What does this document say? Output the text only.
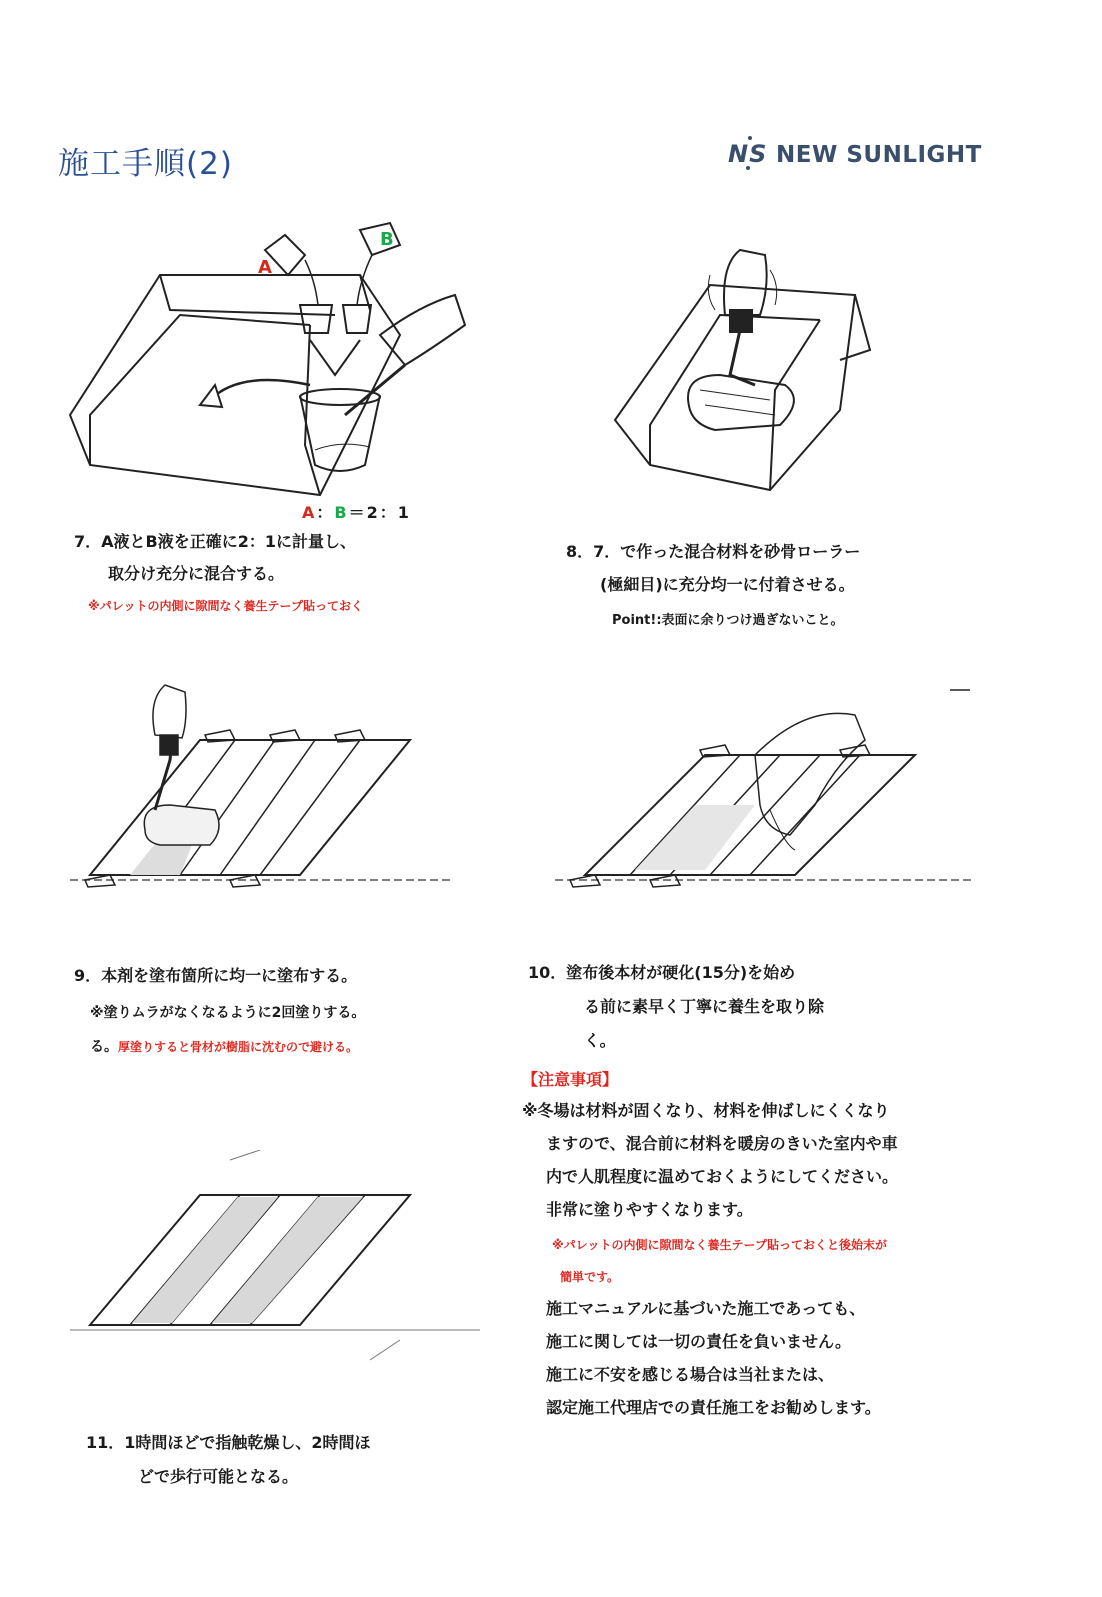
施工手順(2)	NS NEW SUNLIGHT
A
B
A：B＝2：1
7．A液とB液を正確に2：1に計量し、
取分け充分に混合する。
※パレットの内側に隙間なく養生テープ貼っておく
8．7．で作った混合材料を砂骨ローラー
(極細目)に充分均一に付着させる。
Point!:表面に余りつけ過ぎないこと。
9．本剤を塗布箇所に均一に塗布する。
※塗りムラがなくなるように2回塗りする。
る。厚塗りすると骨材が樹脂に沈むので避ける。
10．塗布後本材が硬化(15分)を始め
る前に素早く丁寧に養生を取り除
く。
【注意事項】
※冬場は材料が固くなり、材料を伸ばしにくくなり
ますので、混合前に材料を暖房のきいた室内や車
内で人肌程度に温めておくようにしてください。
非常に塗りやすくなります。
※パレットの内側に隙間なく養生テープ貼っておくと後始末が
簡単です。
施工マニュアルに基づいた施工であっても、
施工に関しては一切の責任を負いません。
施工に不安を感じる場合は当社または、
認定施工代理店での責任施工をお勧めします。
11．1時間ほどで指触乾燥し、2時間ほ
どで歩行可能となる。
